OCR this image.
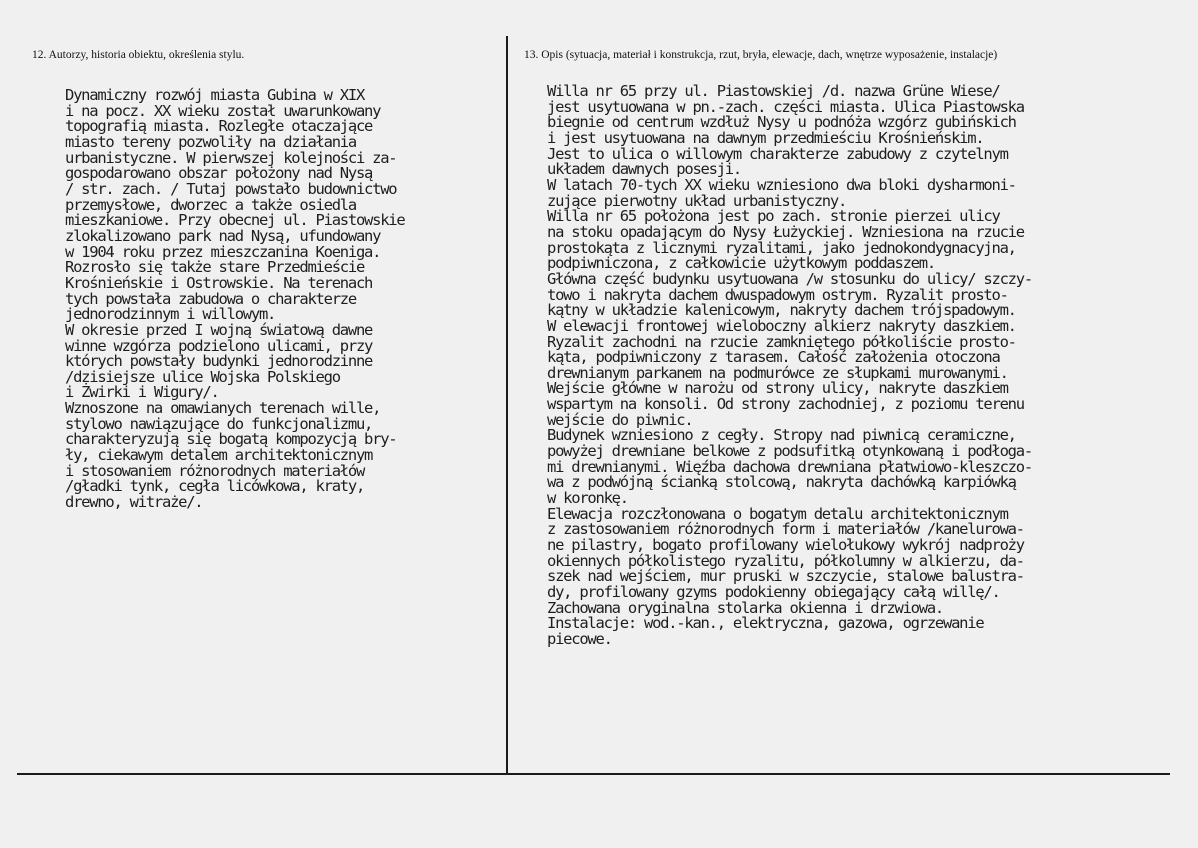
12. Autorzy, historia obiektu, określenia stylu.	13. Opis (sytuacja, materiał i konstrukcja, rzut, bryła, elewacje, dach, wnętrze wyposażenie, instalacje)
Dynamiczny rozwój miasta Gubina w XIX
i na pocz. XX wieku został uwarunkowany
topografią miasta. Rozległe otaczające
miasto tereny pozwoliły na działania
urbanistyczne. W pierwszej kolejności za-
gospodarowano obszar położony nad Nysą
/ str. zach. / Tutaj powstało budownictwo
przemysłowe, dworzec a także osiedla
mieszkaniowe. Przy obecnej ul. Piastowskie
zlokalizowano park nad Nysą, ufundowany
w 1904 roku przez mieszczanina Koeniga.
Rozrosło się także stare Przedmieście
Krośnieńskie i Ostrowskie. Na terenach
tych powstała zabudowa o charakterze
jednorodzinnym i willowym.
W okresie przed I wojną światową dawne
winne wzgórza podzielono ulicami, przy
których powstały budynki jednorodzinne
/dzisiejsze ulice Wojska Polskiego
i Żwirki i Wigury/.
Wznoszone na omawianych terenach wille,
stylowo nawiązujące do funkcjonalizmu,
charakteryzują się bogatą kompozycją bry-
ły, ciekawym detalem architektonicznym
i stosowaniem różnorodnych materiałów
/gładki tynk, cegła licówkowa, kraty,
drewno, witraże/.
Willa nr 65 przy ul. Piastowskiej /d. nazwa Grüne Wiese/
jest usytuowana w pn.-zach. części miasta. Ulica Piastowska
biegnie od centrum wzdłuż Nysy u podnóża wzgórz gubińskich
i jest usytuowana na dawnym przedmieściu Krośnieńskim.
Jest to ulica o willowym charakterze zabudowy z czytelnym
układem dawnych posesji.
W latach 70-tych XX wieku wzniesiono dwa bloki dysharmoni-
zujące pierwotny układ urbanistyczny.
Willa nr 65 położona jest po zach. stronie pierzei ulicy
na stoku opadającym do Nysy Łużyckiej. Wzniesiona na rzucie
prostokąta z licznymi ryzalitami, jako jednokondygnacyjna,
podpiwniczona, z całkowicie użytkowym poddaszem.
Główna część budynku usytuowana /w stosunku do ulicy/ szczy-
towo i nakryta dachem dwuspadowym ostrym. Ryzalit prosto-
kątny w układzie kalenicowym, nakryty dachem trójspadowym.
W elewacji frontowej wieloboczny alkierz nakryty daszkiem.
Ryzalit zachodni na rzucie zamkniętego półkoliście prosto-
kąta, podpiwniczony z tarasem. Całość założenia otoczona
drewnianym parkanem na podmurówce ze słupkami murowanymi.
Wejście główne w narożu od strony ulicy, nakryte daszkiem
wspartym na konsoli. Od strony zachodniej, z poziomu terenu
wejście do piwnic.
Budynek wzniesiono z cegły. Stropy nad piwnicą ceramiczne,
powyżej drewniane belkowe z podsufitką otynkowaną i podłoga-
mi drewnianymi. Więźba dachowa drewniana płatwiowo-kleszczo-
wa z podwójną ścianką stolcową, nakryta dachówką karpiówką
w koronkę.
Elewacja rozczłonowana o bogatym detalu architektonicznym
z zastosowaniem różnorodnych form i materiałów /kanelurowa-
ne pilastry, bogato profilowany wielołukowy wykrój nadproży
okiennych półkolistego ryzalitu, półkolumny w alkierzu, da-
szek nad wejściem, mur pruski w szczycie, stalowe balustra-
dy, profilowany gzyms podokienny obiegający całą willę/.
Zachowana oryginalna stolarka okienna i drzwiowa.
Instalacje: wod.-kan., elektryczna, gazowa, ogrzewanie
piecowe.
